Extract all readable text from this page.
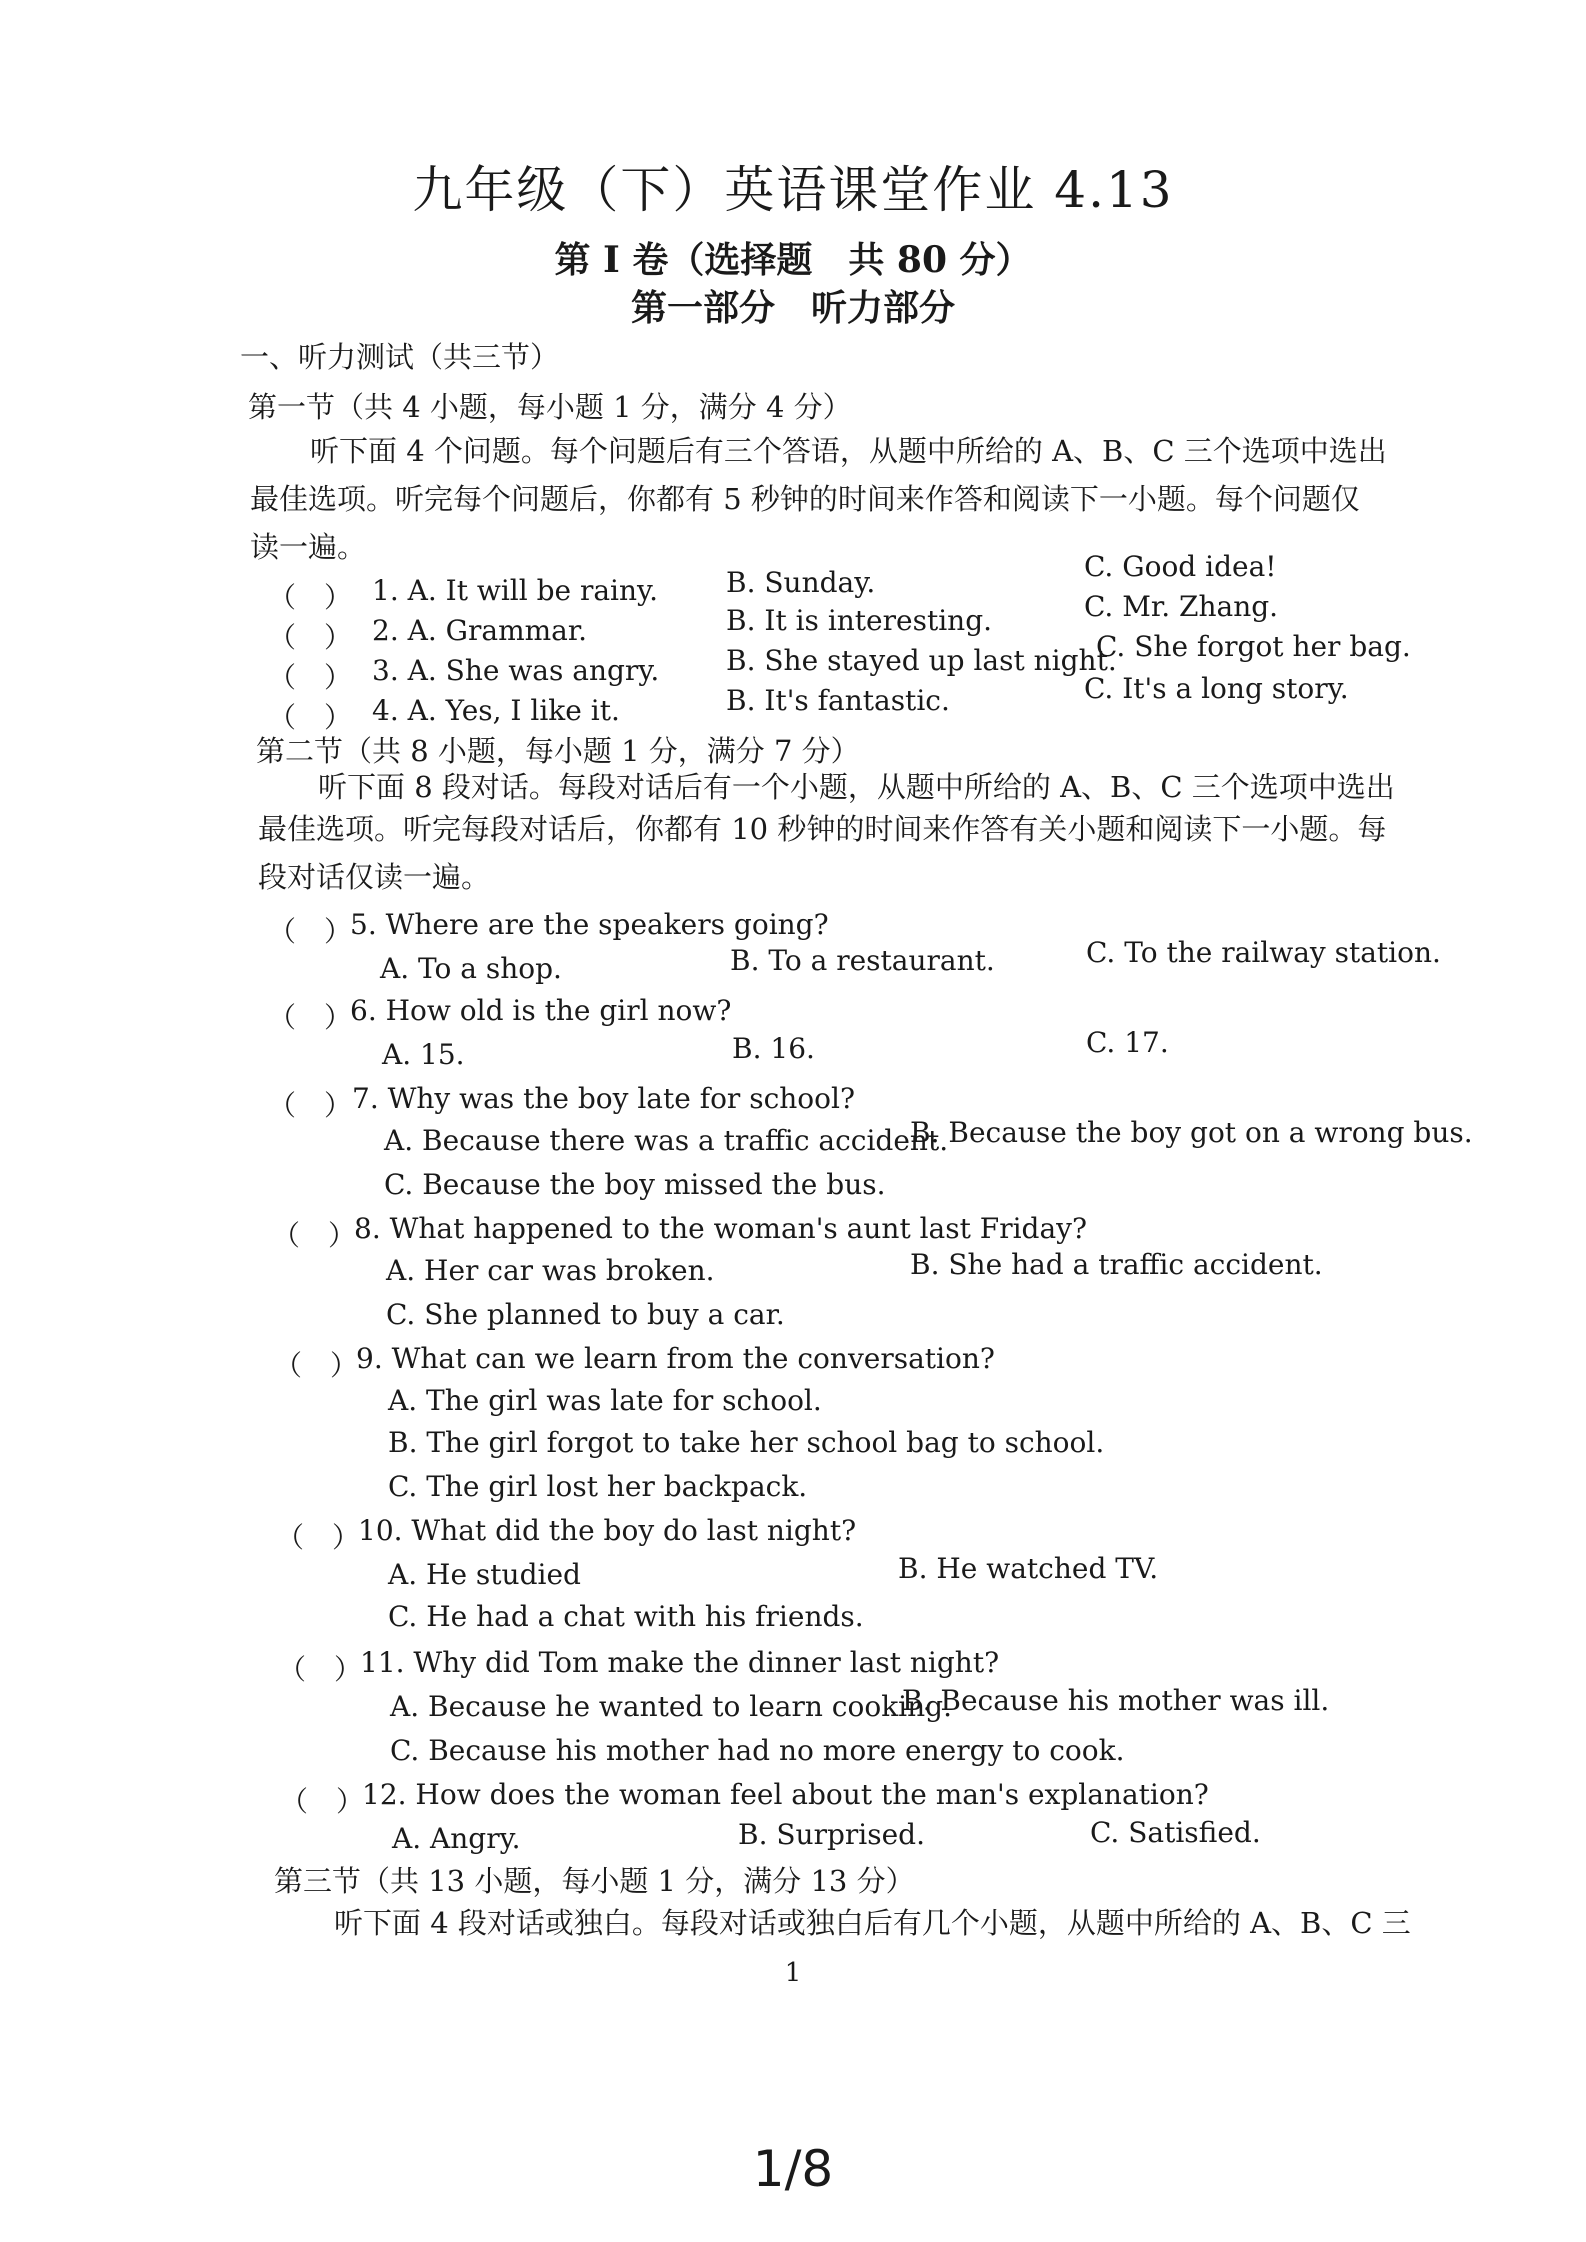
九年级（下）英语课堂作业 4.13
第 I 卷（选择题　共 80 分）
第一部分　听力部分
一、听力测试（共三节）
第一节（共 4 小题，每小题 1 分，满分 4 分）
听下面 4 个问题。每个问题后有三个答语，从题中所给的 A、B、C 三个选项中选出
最佳选项。听完每个问题后，你都有 5 秒钟的时间来作答和阅读下一小题。每个问题仅
读一遍。
（　） 1. A. It will be rainy. B. Sunday.	C. Good idea!
（　） 2. A. Grammar.	B. It is interesting.	C. Mr. Zhang.
（　） 3. A. She was angry. B. She stayed up last night.
C. She forgot her bag.
（　） 4. A. Yes, I like it.	B. It's fantastic.	C. It's a long story.
第二节（共 8 小题，每小题 1 分，满分 7 分）
听下面 8 段对话。每段对话后有一个小题，从题中所给的 A、B、C 三个选项中选出
最佳选项。听完每段对话后，你都有 10 秒钟的时间来作答有关小题和阅读下一小题。每
段对话仅读一遍。
（　）
5. Where are the speakers going?
A. To a shop.	B. To a restaurant.	C. To the railway station.
（　）
6. How old is the girl now?
A. 15.	B. 16.	C. 17.
（　） 7. Why was the boy late for school?
A. Because there was a traffic accident.
B. Because the boy got on a wrong bus.
C. Because the boy missed the bus.
（　）
8. What happened to the woman's aunt last Friday?
A. Her car was broken.	B. She had a traffic accident.
C. She planned to buy a car.
（　）
9. What can we learn from the conversation?
A. The girl was late for school.
B. The girl forgot to take her school bag to school.
C. The girl lost her backpack.
（　）
10. What did the boy do last night?
A. He studied	B. He watched TV.
C. He had a chat with his friends.
（　）
11. Why did Tom make the dinner last night?
A. Because he wanted to learn cooking.
B. Because his mother was ill.
C. Because his mother had no more energy to cook.
（　）
12. How does the woman feel about the man's explanation?
A. Angry.	B. Surprised.	C. Satisfied.
第三节（共 13 小题，每小题 1 分，满分 13 分）
听下面 4 段对话或独白。每段对话或独白后有几个小题，从题中所给的 A、B、C 三
1
1/8
